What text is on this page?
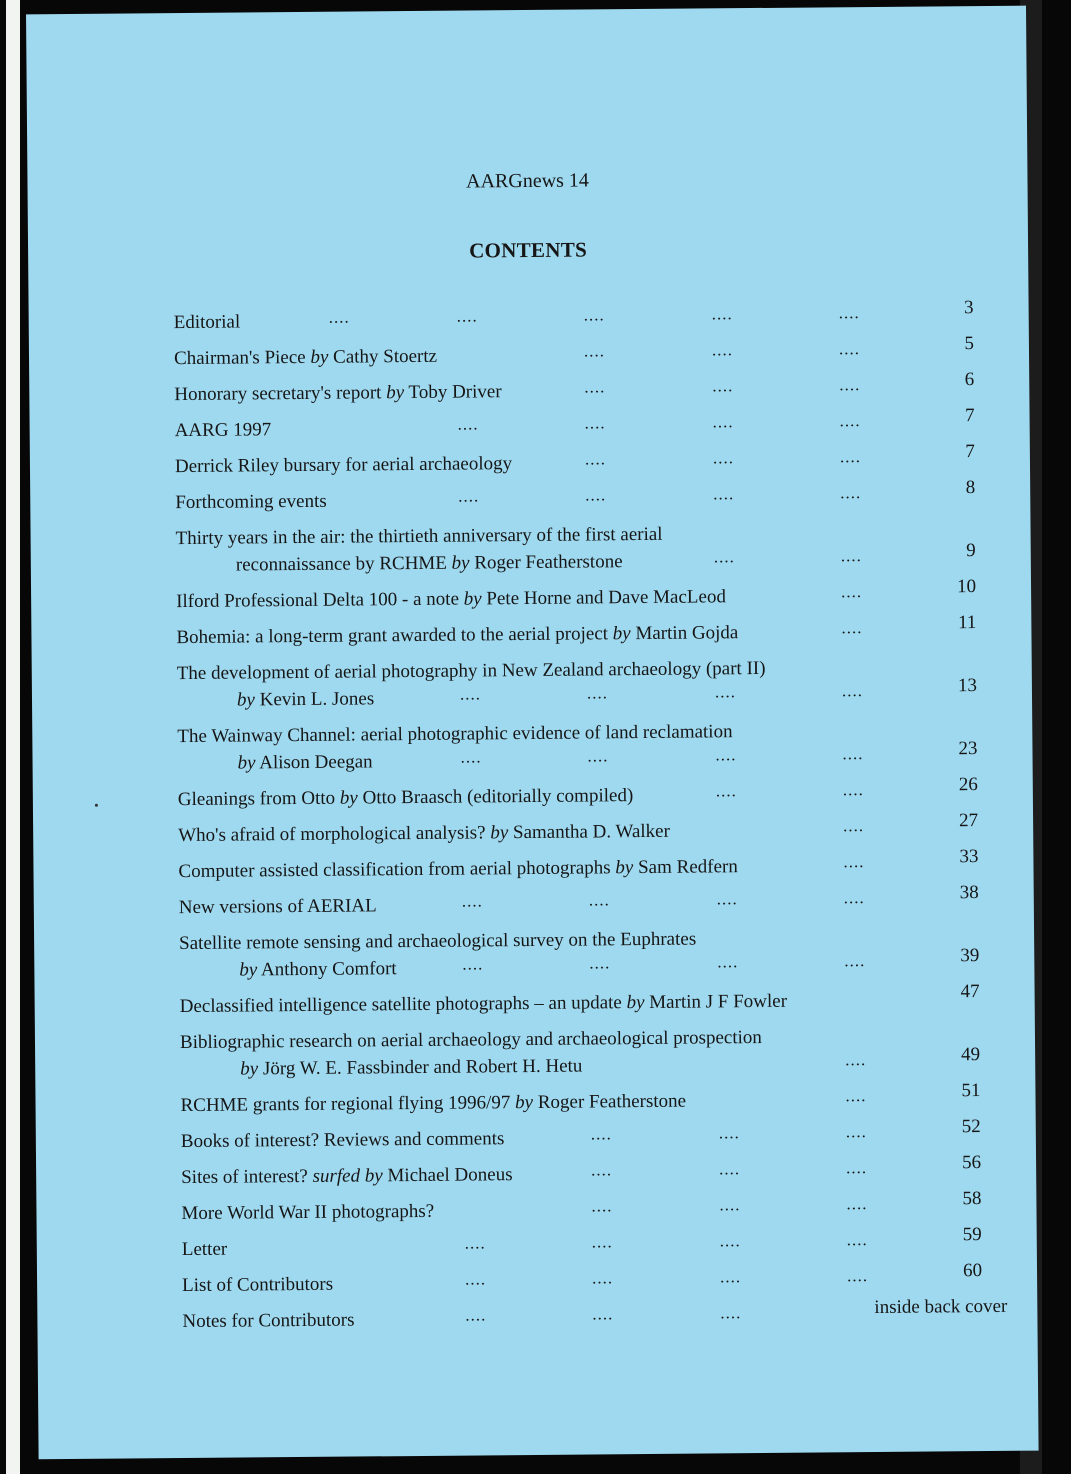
AARGnews 14
CONTENTS
Editorial	....	....	....	....	....	3
Chairman's Piece by Cathy Stoertz	....	....	....	5
Honorary secretary's report by Toby Driver	....	....	....	6
AARG 1997	....	....	....	....	7
Derrick Riley bursary for aerial archaeology	....	....	....	7
Forthcoming events	....	....	....	....	8
Thirty years in the air: the thirtieth anniversary of the first aerial
reconnaissance by RCHME by Roger Featherstone	....	....	9
Ilford Professional Delta 100 - a note by Pete Horne and Dave MacLeod	....	10
Bohemia: a long-term grant awarded to the aerial project by Martin Gojda	....	11
The development of aerial photography in New Zealand archaeology (part II)
by Kevin L. Jones	....	....	....	....	13
The Wainway Channel: aerial photographic evidence of land reclamation
by Alison Deegan	....	....	....	....	23
Gleanings from Otto by Otto Braasch (editorially compiled)	....	....	26
Who's afraid of morphological analysis? by Samantha D. Walker	....	27
Computer assisted classification from aerial photographs by Sam Redfern	....	33
New versions of AERIAL	....	....	....	....	38
Satellite remote sensing and archaeological survey on the Euphrates
by Anthony Comfort	....	....	....	....	39
Declassified intelligence satellite photographs – an update by Martin J F Fowler	47
Bibliographic research on aerial archaeology and archaeological prospection
by Jörg W. E. Fassbinder and Robert H. Hetu	....	49
RCHME grants for regional flying 1996/97 by Roger Featherstone	....	51
Books of interest? Reviews and comments	....	....	....	52
Sites of interest? surfed by Michael Doneus	....	....	....	56
More World War II photographs?	....	....	....	58
Letter	....	....	....	....	59
List of Contributors	....	....	....	....	60
Notes for Contributors	....	....	....	inside back cover
